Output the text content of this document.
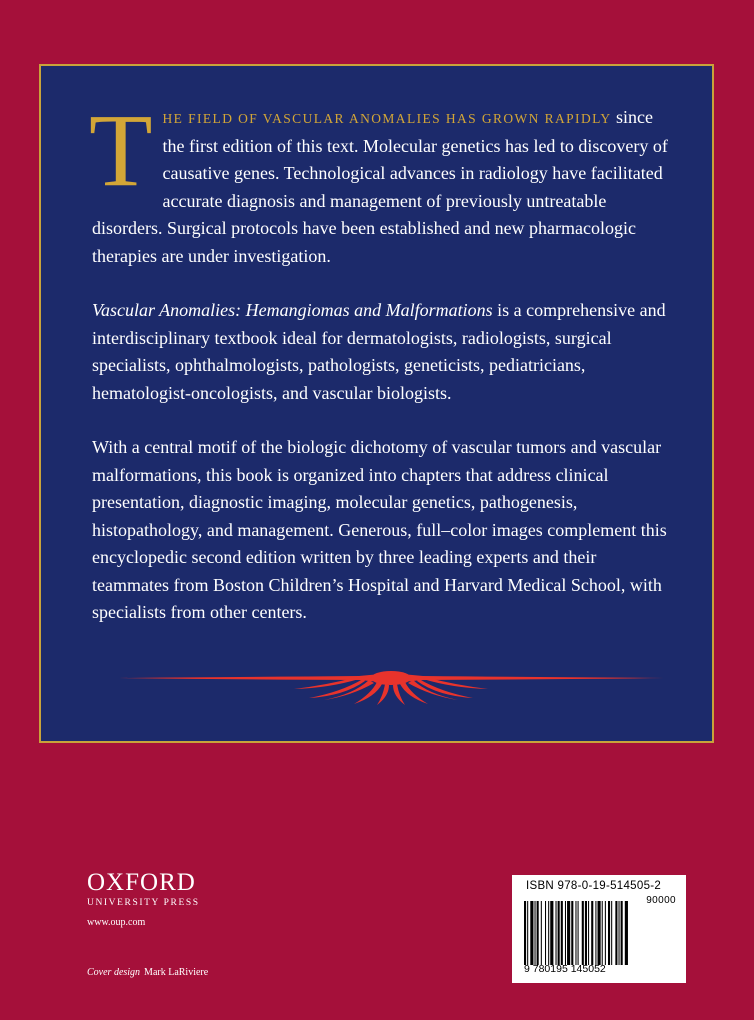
THE FIELD OF VASCULAR ANOMALIES HAS GROWN RAPIDLY since the first edition of this text. Molecular genetics has led to discovery of causative genes. Technological advances in radiology have facilitated accurate diagnosis and management of previously untreatable disorders. Surgical protocols have been established and new pharmacologic therapies are under investigation.

Vascular Anomalies: Hemangiomas and Malformations is a comprehensive and interdisciplinary textbook ideal for dermatologists, radiologists, surgical specialists, ophthalmologists, pathologists, geneticists, pediatricians, hematologist-oncologists, and vascular biologists.

With a central motif of the biologic dichotomy of vascular tumors and vascular malformations, this book is organized into chapters that address clinical presentation, diagnostic imaging, molecular genetics, pathogenesis, histopathology, and management. Generous, full–color images complement this encyclopedic second edition written by three leading experts and their teammates from Boston Children’s Hospital and Harvard Medical School, with specialists from other centers.

OXFORD
UNIVERSITY PRESS
www.oup.com
Cover design Mark LaRiviere
ISBN 978-0-19-514505-2
90000
9 780195 145052
